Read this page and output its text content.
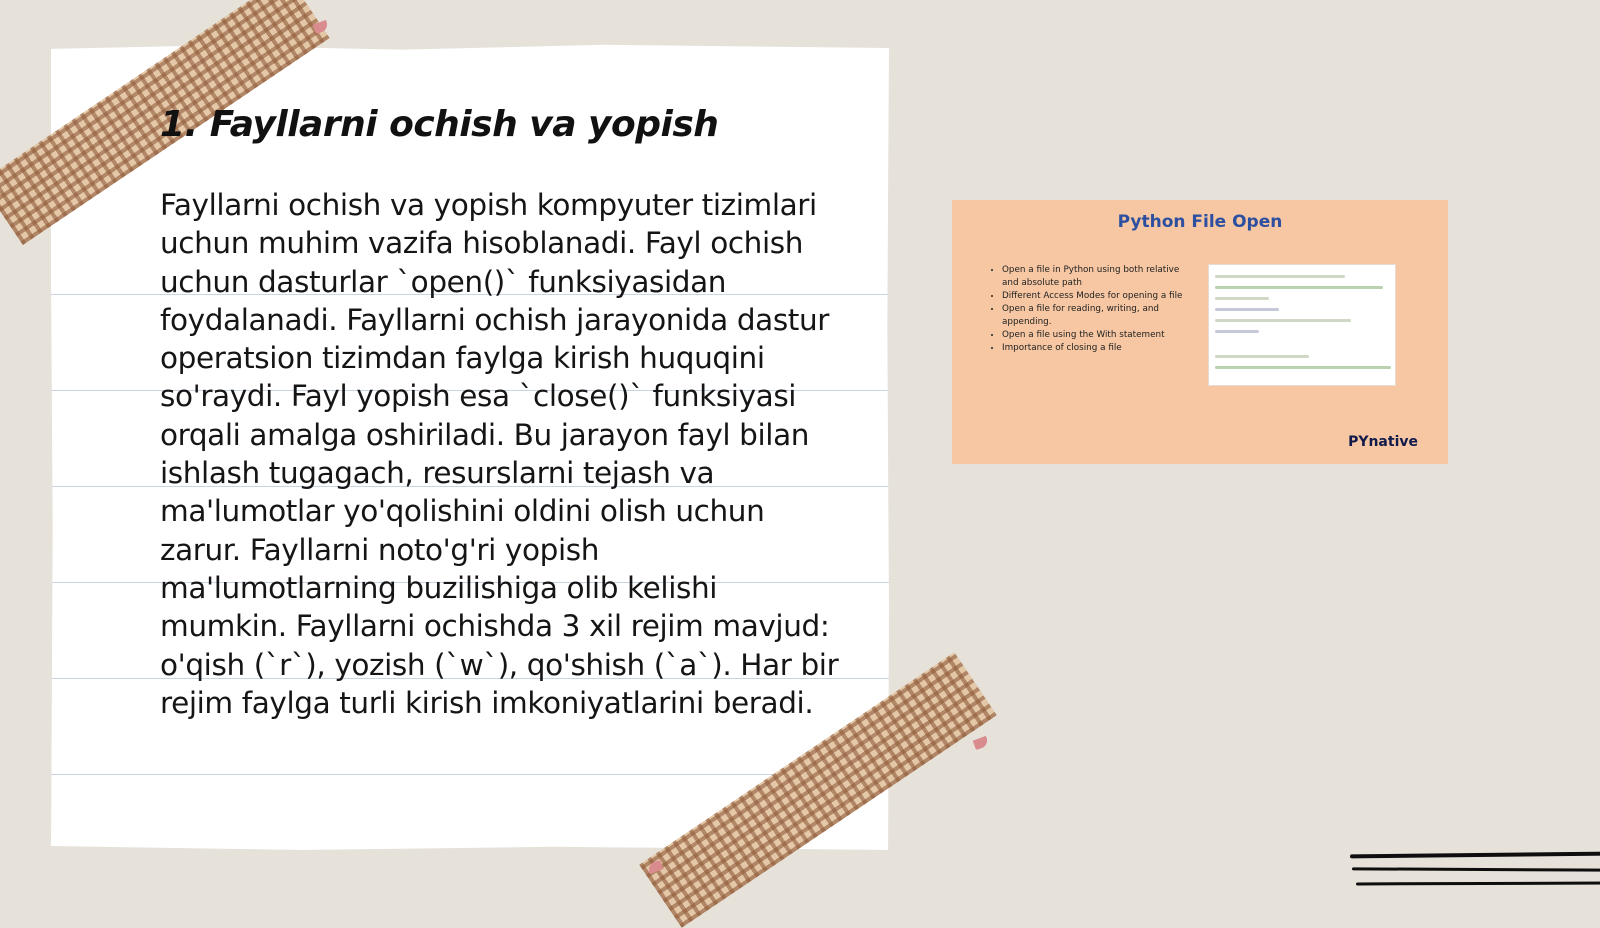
1. Fayllarni ochish va yopish

Fayllarni ochish va yopish kompyuter tizimlari uchun muhim vazifa hisoblanadi. Fayl ochish uchun dasturlar `open()` funksiyasidan foydalanadi. Fayllarni ochish jarayonida dastur operatsion tizimdan faylga kirish huquqini so'raydi. Fayl yopish esa `close()` funksiyasi orqali amalga oshiriladi. Bu jarayon fayl bilan ishlash tugagach, resurslarni tejash va ma'lumotlar yo'qolishini oldini olish uchun zarur. Fayllarni noto'g'ri yopish ma'lumotlarning buzilishiga olib kelishi mumkin. Fayllarni ochishda 3 xil rejim mavjud: o'qish (`r`), yozish (`w`), qo'shish (`a`). Har bir rejim faylga turli kirish imkoniyatlarini beradi.

Python File Open
• Open a file in Python using both relative and absolute path
• Different Access Modes for opening a file
• Open a file for reading, writing, and appending.
• Open a file using the With statement
• Importance of closing a file
PYnative
